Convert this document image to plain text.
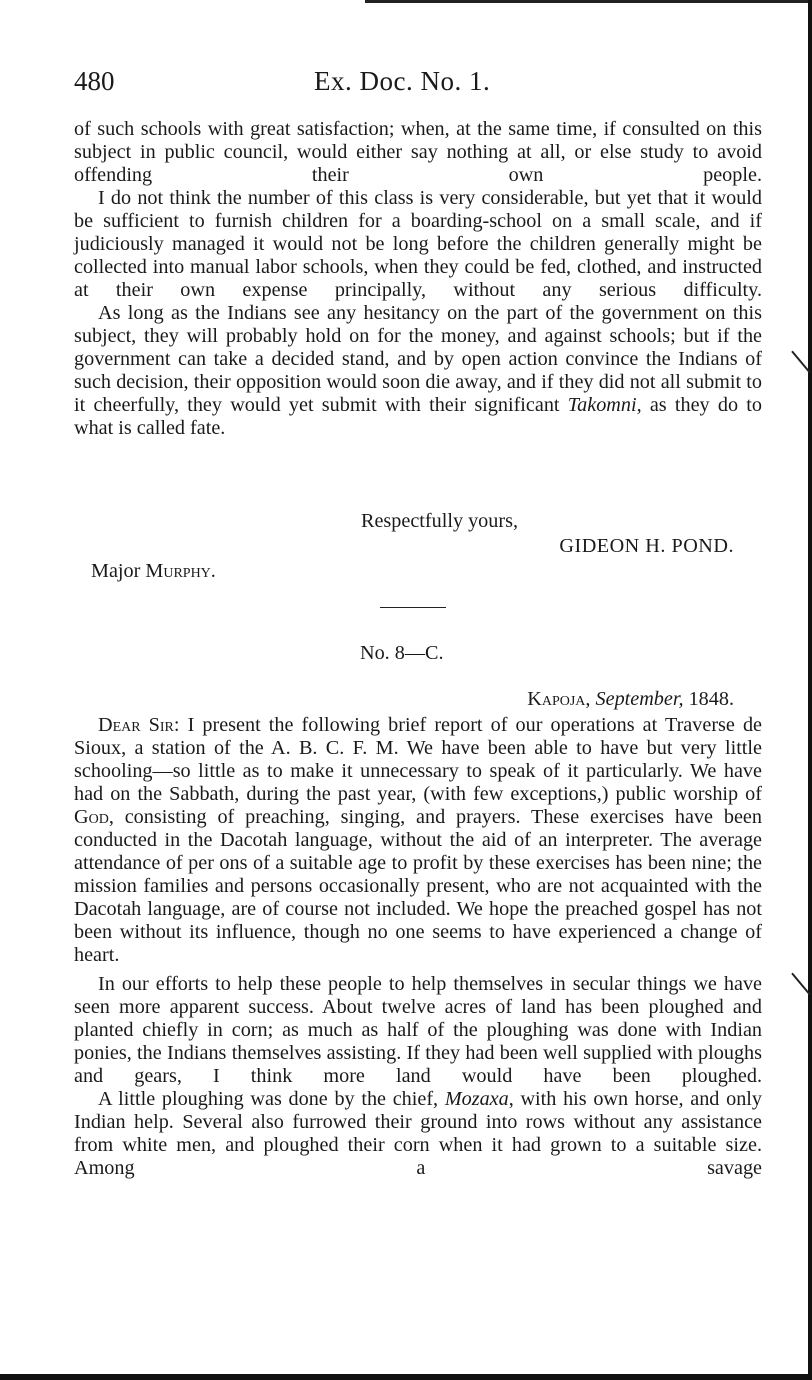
480	Ex. Doc. No. 1.

of such schools with great satisfaction; when, at the same time, if consulted on this subject in public council, would either say nothing at all, or else study to avoid offending their own people.

I do not think the number of this class is very considerable, but yet that it would be sufficient to furnish children for a boarding-school on a small scale, and if judiciously managed it would not be long before the children generally might be collected into manual labor schools, when they could be fed, clothed, and instructed at their own expense principally, without any serious difficulty.

As long as the Indians see any hesitancy on the part of the government on this subject, they will probably hold on for the money, and against schools; but if the government can take a decided stand, and by open action convince the Indians of such decision, their opposition would soon die away, and if they did not all submit to it cheerfully, they would yet submit with their significant Takomni, as they do to what is called fate.

Respectfully yours,
GIDEON H. POND.
Major Murphy.
No. 8—C.
Kapoja, September, 1848.

Dear Sir: I present the following brief report of our operations at Traverse de Sioux, a station of the A. B. C. F. M. We have been able to have but very little schooling—so little as to make it unnecessary to speak of it particularly. We have had on the Sabbath, during the past year, (with few exceptions,) public worship of God, consisting of preaching, singing, and prayers. These exercises have been conducted in the Dacotah language, without the aid of an interpreter. The average attendance of per ons of a suitable age to profit by these exercises has been nine; the mission families and persons occasionally present, who are not acquainted with the Dacotah language, are of course not included. We hope the preached gospel has not been without its influence, though no one seems to have experienced a change of heart.

In our efforts to help these people to help themselves in secular things we have seen more apparent success. About twelve acres of land has been ploughed and planted chiefly in corn; as much as half of the ploughing was done with Indian ponies, the Indians themselves assisting. If they had been well supplied with ploughs and gears, I think more land would have been ploughed.

A little ploughing was done by the chief, Mozaxa, with his own horse, and only Indian help. Several also furrowed their ground into rows without any assistance from white men, and ploughed their corn when it had grown to a suitable size. Among a savage
